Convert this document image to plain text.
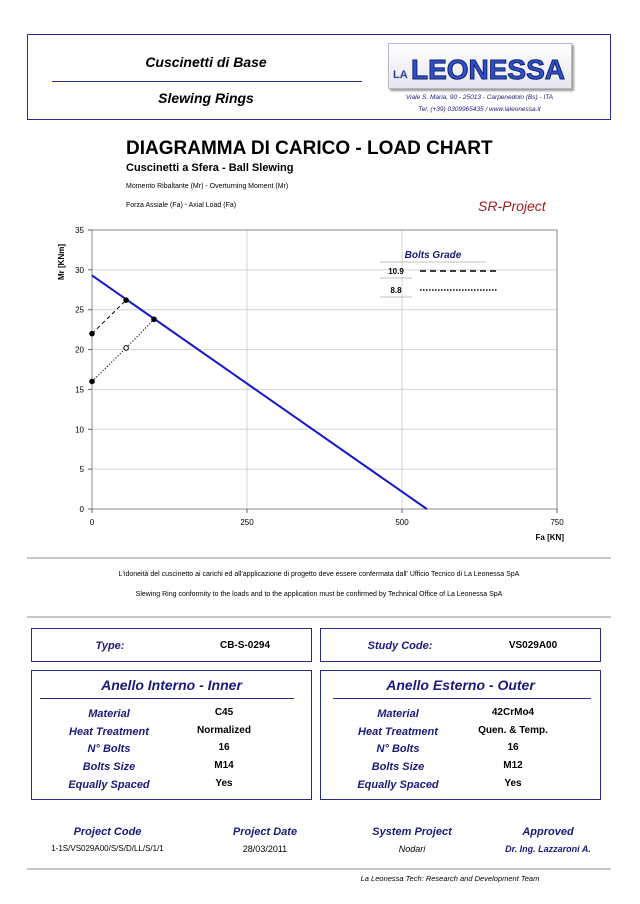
Cuscinetti di Base
Slewing Rings
LA LEONESSA
Viale S. Maria, 90 - 25013 - Carpenedolo (Bs) - ITA
Tel. (+39) 0309965435 / www.laleonessa.it
DIAGRAMMA DI CARICO - LOAD CHART
Cuscinetti a Sfera - Ball Slewing
Momento Ribaltante (Mr) - Overturning Moment (Mr)
Forza Assiale (Fa) - Axial Load (Fa)	SR-Project
0
5
10
15
20
25
30
35
0	250	500	750
Mr [KNm]
Fa [KN]
Bolts Grade
10.9
8.8
L'idoneità del cuscinetto ai carichi ed all'applicazione di progetto deve essere confermata dall' Ufficio Tecnico di La Leonessa SpA
Slewing Ring conformity to the loads and to the application must be confirmed by Technical Office of La Leonessa SpA
Type:	CB-S-0294	Study Code:	VS029A00
Anello Interno - Inner
Material	C45
Heat Treatment	Normalized
N° Bolts	16
Bolts Size	M14
Equally Spaced	Yes
Anello Esterno - Outer
Material	42CrMo4
Heat Treatment	Quen. & Temp.
N° Bolts	16
Bolts Size	M12
Equally Spaced	Yes
Project Code
1-1S/VS029A00/S/S/D/LL/S/1/1
Project Date
28/03/2011
System Project
Nodari
Approved
Dr. Ing. Lazzaroni A.
La Leonessa Tech: Research and Development Team
